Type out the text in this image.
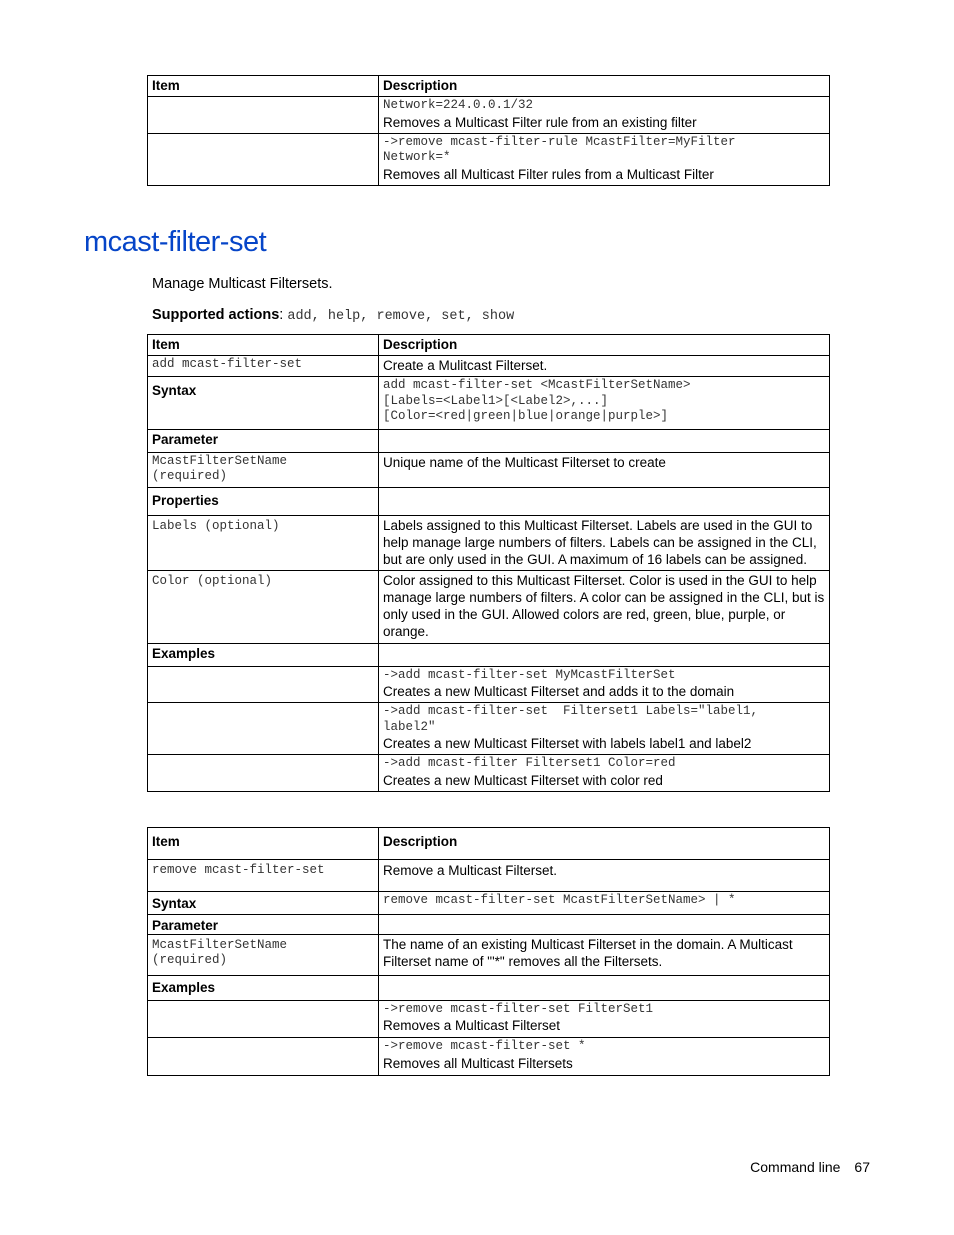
Item	Description

	Network=224.0.0.1/32
Removes a Multicast Filter rule from an existing filter

	->remove mcast-filter-rule McastFilter=MyFilter
Network=*
Removes all Multicast Filter rules from a Multicast Filter
mcast-filter-set
Manage Multicast Filtersets.
Supported actions: add, help, remove, set, show
Item	Description
add mcast-filter-set	Create a Mulitcast Filterset.
Syntax	add mcast-filter-set <McastFilterSetName>
[Labels=<Label1>[<Label2>,...]
[Color=<red|green|blue|orange|purple>]
Parameter	
McastFilterSetName
(required)	Unique name of the Multicast Filterset to create
Properties	
Labels (optional)	Labels assigned to this Multicast Filterset. Labels are used in the GUI to help manage large numbers of filters. Labels can be assigned in the CLI, but are only used in the GUI. A maximum of 16 labels can be assigned.
Color (optional)	Color assigned to this Multicast Filterset. Color is used in the GUI to help manage large numbers of filters. A color can be assigned in the CLI, but is only used in the GUI. Allowed colors are red, green, blue, purple, or orange.
Examples	

	->add mcast-filter-set MyMcastFilterSet
Creates a new Multicast Filterset and adds it to the domain

	->add mcast-filter-set  Filterset1 Labels="label1,
label2"
Creates a new Multicast Filterset with labels label1 and label2

	->add mcast-filter Filterset1 Color=red
Creates a new Multicast Filterset with color red
Item	Description
remove mcast-filter-set	Remove a Multicast Filterset.
Syntax	remove mcast-filter-set McastFilterSetName> | *
Parameter	
McastFilterSetName
(required)	The name of an existing Multicast Filterset in the domain. A Multicast Filterset name of "'*" removes all the Filtersets.
Examples	

	->remove mcast-filter-set FilterSet1
Removes a Multicast Filterset

	->remove mcast-filter-set *
Removes all Multicast Filtersets
Command line 67
